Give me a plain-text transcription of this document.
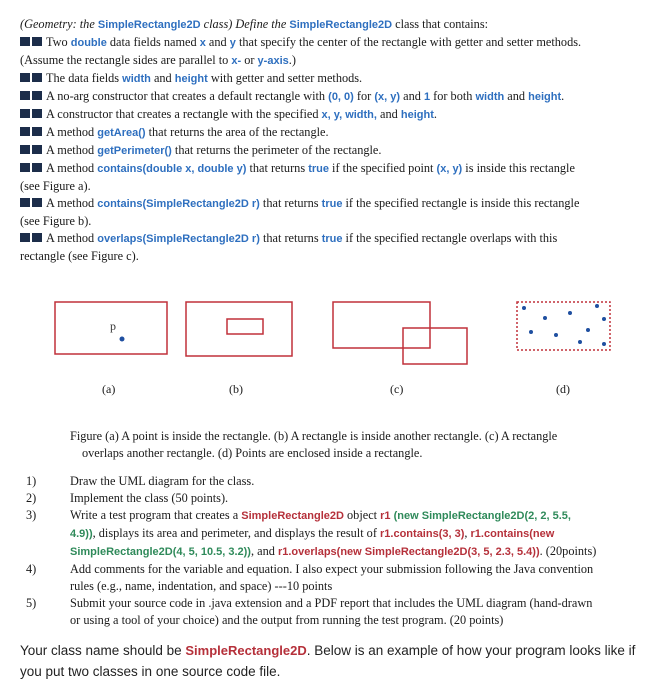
(Geometry: the SimpleRectangle2D class) Define the SimpleRectangle2D class that contains:
Two double data fields named x and y that specify the center of the rectangle with getter and setter methods.
(Assume the rectangle sides are parallel to x- or y-axis.)
The data fields width and height with getter and setter methods.
A no-arg constructor that creates a default rectangle with (0, 0) for (x, y) and 1 for both width and height.
A constructor that creates a rectangle with the specified x, y, width, and height.
A method getArea() that returns the area of the rectangle.
A method getPerimeter() that returns the perimeter of the rectangle.
A method contains(double x, double y) that returns true if the specified point (x, y) is inside this rectangle
(see Figure a).
A method contains(SimpleRectangle2D r) that returns true if the specified rectangle is inside this rectangle
(see Figure b).
A method overlaps(SimpleRectangle2D r) that returns true if the specified rectangle overlaps with this
rectangle (see Figure c).
p
(a)	(b)	(c)	(d)
Figure (a) A point is inside the rectangle. (b) A rectangle is inside another rectangle. (c) A rectangle
overlaps another rectangle. (d) Points are enclosed inside a rectangle.
1)	Draw the UML diagram for the class.
2)	Implement the class (50 points).
3)	Write a test program that creates a SimpleRectangle2D object r1 (new SimpleRectangle2D(2, 2, 5.5,
4.9)), displays its area and perimeter, and displays the result of r1.contains(3, 3), r1.contains(new
SimpleRectangle2D(4, 5, 10.5, 3.2)), and r1.overlaps(new SimpleRectangle2D(3, 5, 2.3, 5.4)). (20points)
4)	Add comments for the variable and equation. I also expect your submission following the Java convention
rules (e.g., name, indentation, and space) ---10 points
5)	Submit your source code in .java extension and a PDF report that includes the UML diagram (hand-drawn
or using a tool of your choice) and the output from running the test program. (20 points)
Your class name should be SimpleRectangle2D. Below is an example of how your program looks like if
you put two classes in one source code file.
